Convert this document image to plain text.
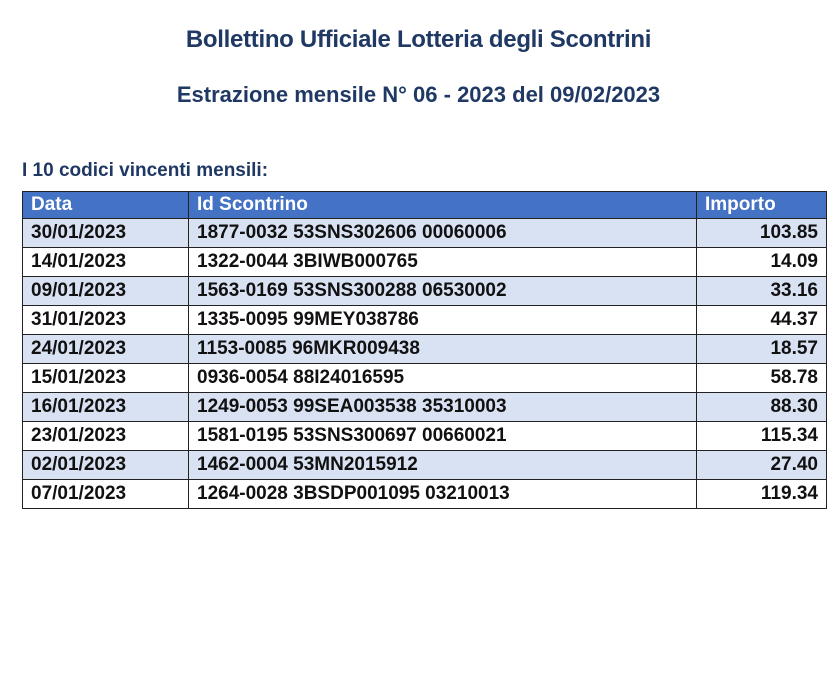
Bollettino Ufficiale Lotteria degli Scontrini
Estrazione mensile N° 06 - 2023 del 09/02/2023
I 10 codici vincenti mensili:
Data	Id Scontrino	Importo
30/01/2023	1877-0032 53SNS302606 00060006	103.85
14/01/2023	1322-0044 3BIWB000765	14.09
09/01/2023	1563-0169 53SNS300288 06530002	33.16
31/01/2023	1335-0095 99MEY038786	44.37
24/01/2023	1153-0085 96MKR009438	18.57
15/01/2023	0936-0054 88I24016595	58.78
16/01/2023	1249-0053 99SEA003538 35310003	88.30
23/01/2023	1581-0195 53SNS300697 00660021	115.34
02/01/2023	1462-0004 53MN2015912	27.40
07/01/2023	1264-0028 3BSDP001095 03210013	119.34
